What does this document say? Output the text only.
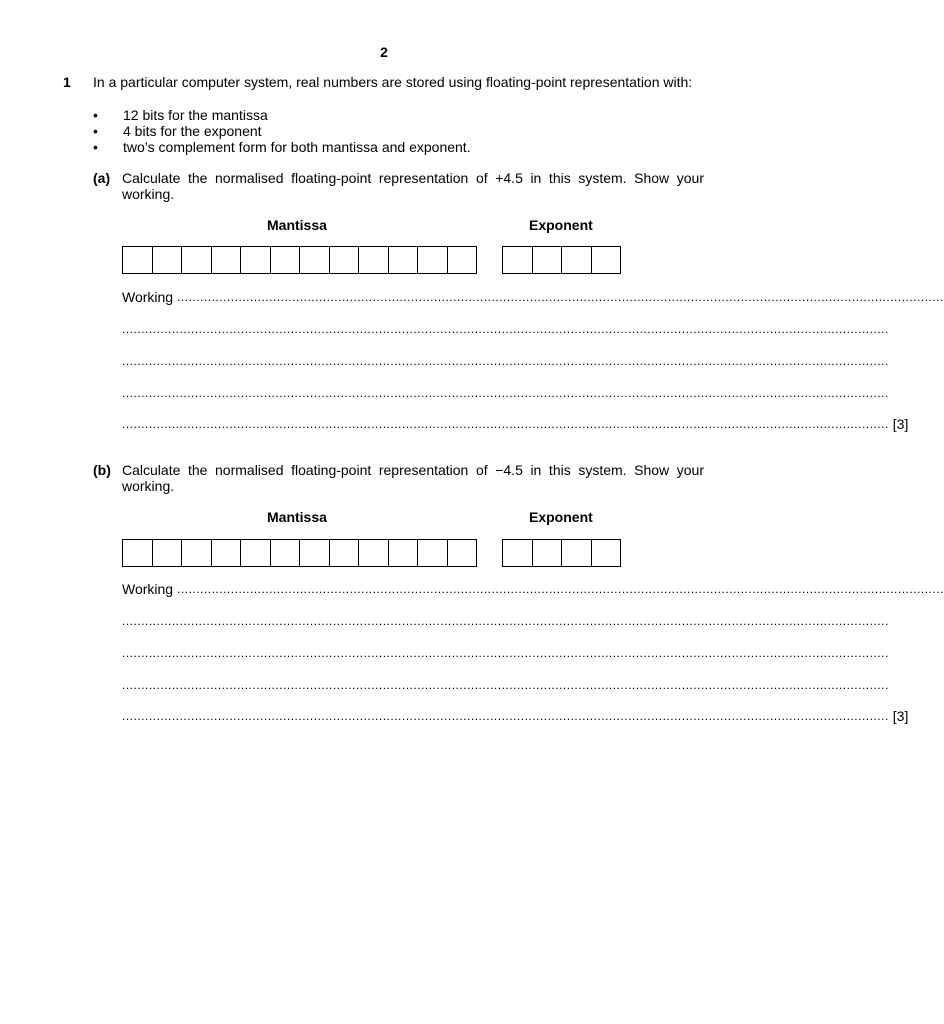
2
1 In a particular computer system, real numbers are stored using floating-point representation with:
• 12 bits for the mantissa
• 4 bits for the exponent
• two’s complement form for both mantissa and exponent.
(a) Calculate the normalised floating-point representation of +4.5 in this system. Show your working.
Mantissa	Exponent
Working ........................................................................................................................................................................................................
........................................................................................................................................................................................................
........................................................................................................................................................................................................
........................................................................................................................................................................................................
........................................................................................................................................................................................................ [3]
(b) Calculate the normalised floating-point representation of −4.5 in this system. Show your working.
Mantissa	Exponent
Working ........................................................................................................................................................................................................
........................................................................................................................................................................................................
........................................................................................................................................................................................................
........................................................................................................................................................................................................
........................................................................................................................................................................................................ [3]
